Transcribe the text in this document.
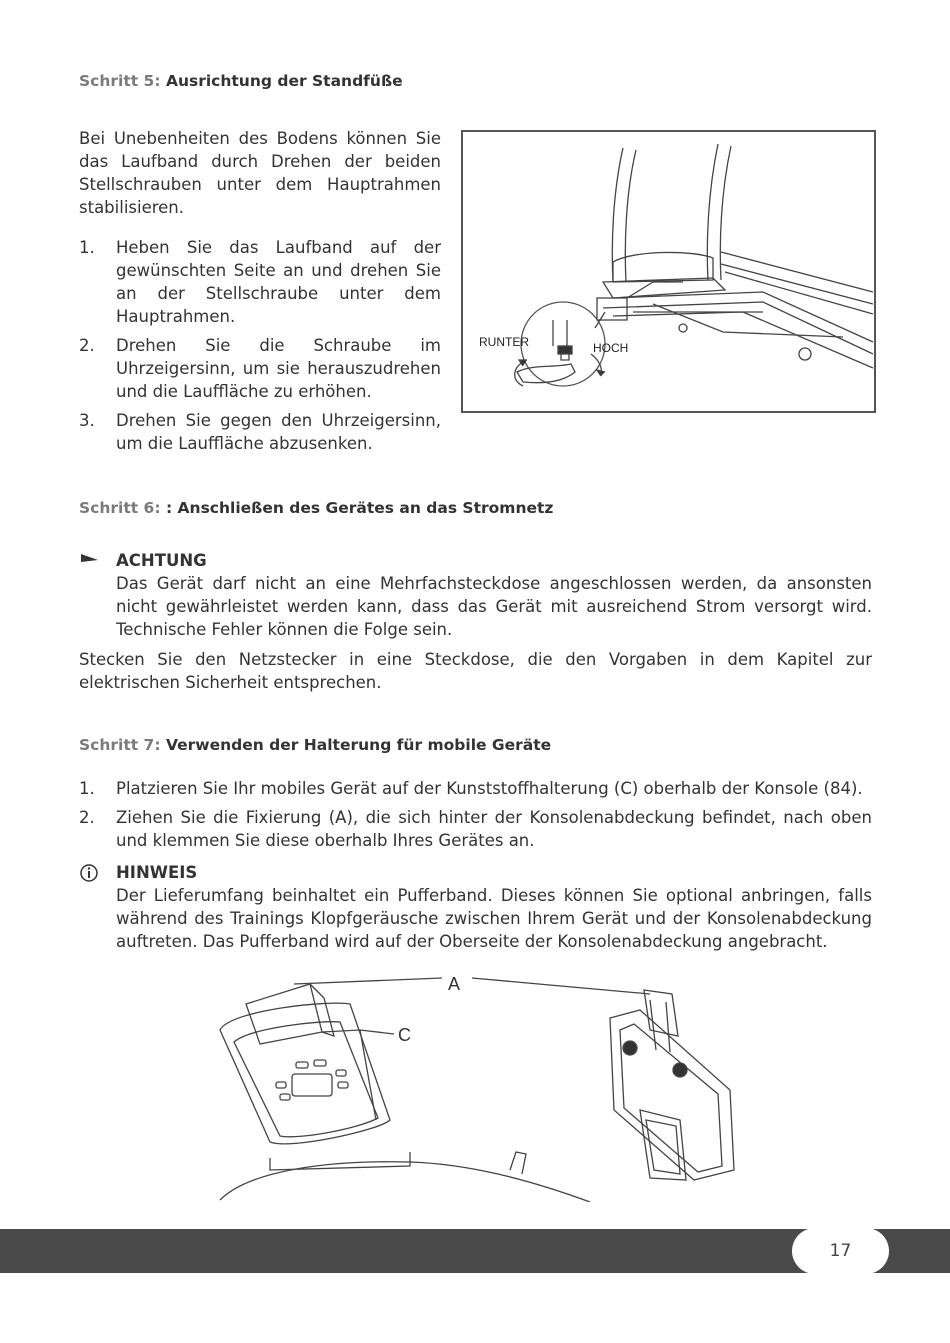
Schritt 5: Ausrichtung der Standfüße
Bei Unebenheiten des Bodens können Sie das Laufband durch Drehen der beiden Stellschrauben unter dem Hauptrahmen stabilisieren.
1.	Heben Sie das Laufband auf der gewünschten Seite an und drehen Sie an der Stellschraube unter dem Hauptrahmen.
2.	Drehen Sie die Schraube im Uhrzeigersinn, um sie herauszudrehen und die Lauffläche zu erhöhen.
3.	Drehen Sie gegen den Uhrzeigersinn, um die Lauffläche abzusenken.
RUNTER	HOCH
Schritt 6: : Anschließen des Gerätes an das Stromnetz
ACHTUNG
Das Gerät darf nicht an eine Mehrfachsteckdose angeschlossen werden, da ansonsten nicht gewährleistet werden kann, dass das Gerät mit ausreichend Strom versorgt wird. Technische Fehler können die Folge sein.
Stecken Sie den Netzstecker in eine Steckdose, die den Vorgaben in dem Kapitel zur elektrischen Sicherheit entsprechen.
Schritt 7: Verwenden der Halterung für mobile Geräte
1.	Platzieren Sie Ihr mobiles Gerät auf der Kunststoffhalterung (C) oberhalb der Konsole (84).
2.	Ziehen Sie die Fixierung (A), die sich hinter der Konsolenabdeckung befindet, nach oben und klemmen Sie diese oberhalb Ihres Gerätes an.
HINWEIS
Der Lieferumfang beinhaltet ein Pufferband. Dieses können Sie optional anbringen, falls während des Trainings Klopfgeräusche zwischen Ihrem Gerät und der Konsolenabdeckung auftreten. Das Pufferband wird auf der Oberseite der Konsolenabdeckung angebracht.
A
C
17
